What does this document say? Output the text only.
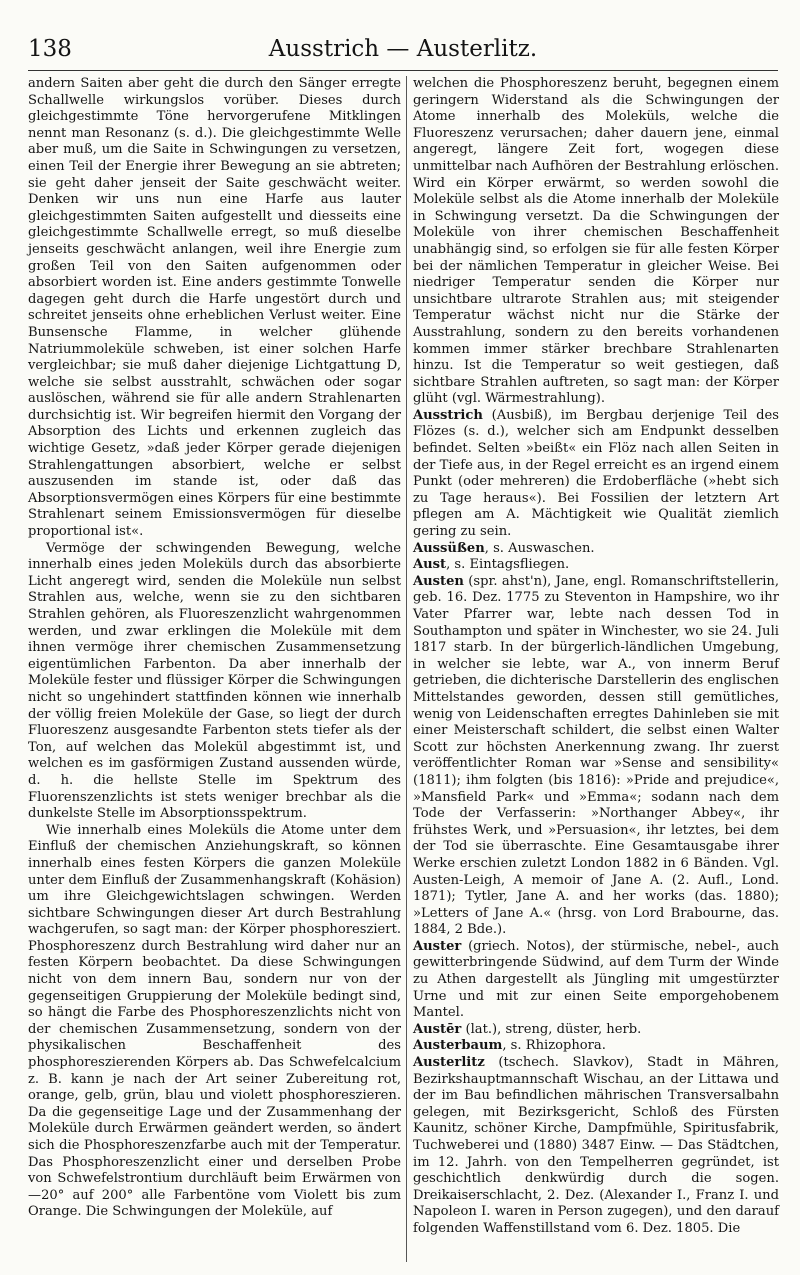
138	Ausstrich — Austerlitz.

andern Saiten aber geht die durch den Sänger erregte Schallwelle wirkungslos vorüber. Dieses durch gleichgestimmte Töne hervorgerufene Mitklingen nennt man Resonanz (s. d.). Die gleichgestimmte Welle aber muß, um die Saite in Schwingungen zu versetzen, einen Teil der Energie ihrer Bewegung an sie abtreten; sie geht daher jenseit der Saite geschwächt weiter. Denken wir uns nun eine Harfe aus lauter gleichgestimmten Saiten aufgestellt und diesseits eine gleichgestimmte Schallwelle erregt, so muß dieselbe jenseits geschwächt anlangen, weil ihre Energie zum großen Teil von den Saiten aufgenommen oder absorbiert worden ist. Eine anders gestimmte Tonwelle dagegen geht durch die Harfe ungestört durch und schreitet jenseits ohne erheblichen Verlust weiter. Eine Bunsensche Flamme, in welcher glühende Natriummoleküle schweben, ist einer solchen Harfe vergleichbar; sie muß daher diejenige Lichtgattung D, welche sie selbst ausstrahlt, schwächen oder sogar auslöschen, während sie für alle andern Strahlenarten durchsichtig ist. Wir begreifen hiermit den Vorgang der Absorption des Lichts und erkennen zugleich das wichtige Gesetz, »daß jeder Körper gerade diejenigen Strahlengattungen absorbiert, welche er selbst auszusenden im stande ist, oder daß das Absorptionsvermögen eines Körpers für eine bestimmte Strahlenart seinem Emissionsvermögen für dieselbe proportional ist«.

Vermöge der schwingenden Bewegung, welche innerhalb eines jeden Moleküls durch das absorbierte Licht angeregt wird, senden die Moleküle nun selbst Strahlen aus, welche, wenn sie zu den sichtbaren Strahlen gehören, als Fluoreszenzlicht wahrgenommen werden, und zwar erklingen die Moleküle mit dem ihnen vermöge ihrer chemischen Zusammensetzung eigentümlichen Farbenton. Da aber innerhalb der Moleküle fester und flüssiger Körper die Schwingungen nicht so ungehindert stattfinden können wie innerhalb der völlig freien Moleküle der Gase, so liegt der durch Fluoreszenz ausgesandte Farbenton stets tiefer als der Ton, auf welchen das Molekül abgestimmt ist, und welchen es im gasförmigen Zustand aussenden würde, d. h. die hellste Stelle im Spektrum des Fluorenszenzlichts ist stets weniger brechbar als die dunkelste Stelle im Absorptionsspektrum.

Wie innerhalb eines Moleküls die Atome unter dem Einfluß der chemischen Anziehungskraft, so können innerhalb eines festen Körpers die ganzen Moleküle unter dem Einfluß der Zusammenhangskraft (Kohäsion) um ihre Gleichgewichtslagen schwingen. Werden sichtbare Schwingungen dieser Art durch Bestrahlung wachgerufen, so sagt man: der Körper phosphoresziert. Phosphoreszenz durch Bestrahlung wird daher nur an festen Körpern beobachtet. Da diese Schwingungen nicht von dem innern Bau, sondern nur von der gegenseitigen Gruppierung der Moleküle bedingt sind, so hängt die Farbe des Phosphoreszenzlichts nicht von der chemischen Zusammensetzung, sondern von der physikalischen Beschaffenheit des phosphoreszierenden Körpers ab. Das Schwefelcalcium z. B. kann je nach der Art seiner Zubereitung rot, orange, gelb, grün, blau und violett phosphoreszieren. Da die gegenseitige Lage und der Zusammenhang der Moleküle durch Erwärmen geändert werden, so ändert sich die Phosphoreszenzfarbe auch mit der Temperatur. Das Phosphoreszenzlicht einer und derselben Probe von Schwefelstrontium durchläuft beim Erwärmen von —20° auf 200° alle Farbentöne vom Violett bis zum Orange. Die Schwingungen der Moleküle, auf

welchen die Phosphoreszenz beruht, begegnen einem geringern Widerstand als die Schwingungen der Atome innerhalb des Moleküls, welche die Fluoreszenz verursachen; daher dauern jene, einmal angeregt, längere Zeit fort, wogegen diese unmittelbar nach Aufhören der Bestrahlung erlöschen. Wird ein Körper erwärmt, so werden sowohl die Moleküle selbst als die Atome innerhalb der Moleküle in Schwingung versetzt. Da die Schwingungen der Moleküle von ihrer chemischen Beschaffenheit unabhängig sind, so erfolgen sie für alle festen Körper bei der nämlichen Temperatur in gleicher Weise. Bei niedriger Temperatur senden die Körper nur unsichtbare ultrarote Strahlen aus; mit steigender Temperatur wächst nicht nur die Stärke der Ausstrahlung, sondern zu den bereits vorhandenen kommen immer stärker brechbare Strahlenarten hinzu. Ist die Temperatur so weit gestiegen, daß sichtbare Strahlen auftreten, so sagt man: der Körper glüht (vgl. Wärmestrahlung).

Ausstrich (Ausbiß), im Bergbau derjenige Teil des Flözes (s. d.), welcher sich am Endpunkt desselben befindet. Selten »beißt« ein Flöz nach allen Seiten in der Tiefe aus, in der Regel erreicht es an irgend einem Punkt (oder mehreren) die Erdoberfläche (»hebt sich zu Tage heraus«). Bei Fossilien der letztern Art pflegen am A. Mächtigkeit wie Qualität ziemlich gering zu sein.

Aussüßen, s. Auswaschen.

Aust, s. Eintagsfliegen.

Austen (spr. ahst'n), Jane, engl. Romanschriftstellerin, geb. 16. Dez. 1775 zu Steventon in Hampshire, wo ihr Vater Pfarrer war, lebte nach dessen Tod in Southampton und später in Winchester, wo sie 24. Juli 1817 starb. In der bürgerlich-ländlichen Umgebung, in welcher sie lebte, war A., von innerm Beruf getrieben, die dichterische Darstellerin des englischen Mittelstandes geworden, dessen still gemütliches, wenig von Leidenschaften erregtes Dahinleben sie mit einer Meisterschaft schildert, die selbst einen Walter Scott zur höchsten Anerkennung zwang. Ihr zuerst veröffentlichter Roman war »Sense and sensibility« (1811); ihm folgten (bis 1816): »Pride and prejudice«, »Mansfield Park« und »Emma«; sodann nach dem Tode der Verfasserin: »Northanger Abbey«, ihr frühstes Werk, und »Persuasion«, ihr letztes, bei dem der Tod sie überraschte. Eine Gesamtausgabe ihrer Werke erschien zuletzt London 1882 in 6 Bänden. Vgl. Austen-Leigh, A memoir of Jane A. (2. Aufl., Lond. 1871); Tytler, Jane A. and her works (das. 1880); »Letters of Jane A.« (hrsg. von Lord Brabourne, das. 1884, 2 Bde.).

Auster (griech. Notos), der stürmische, nebel-, auch gewitterbringende Südwind, auf dem Turm der Winde zu Athen dargestellt als Jüngling mit umgestürzter Urne und mit zur einen Seite emporgehobenem Mantel.

Austēr (lat.), streng, düster, herb.

Austerbaum, s. Rhizophora.

Austerlitz (tschech. Slavkov), Stadt in Mähren, Bezirkshauptmannschaft Wischau, an der Littawa und der im Bau befindlichen mährischen Transversalbahn gelegen, mit Bezirksgericht, Schloß des Fürsten Kaunitz, schöner Kirche, Dampfmühle, Spiritusfabrik, Tuchweberei und (1880) 3487 Einw. — Das Städtchen, im 12. Jahrh. von den Tempelherren gegründet, ist geschichtlich denkwürdig durch die sogen. Dreikaiserschlacht, 2. Dez. (Alexander I., Franz I. und Napoleon I. waren in Person zugegen), und den darauf folgenden Waffenstillstand vom 6. Dez. 1805. Die
